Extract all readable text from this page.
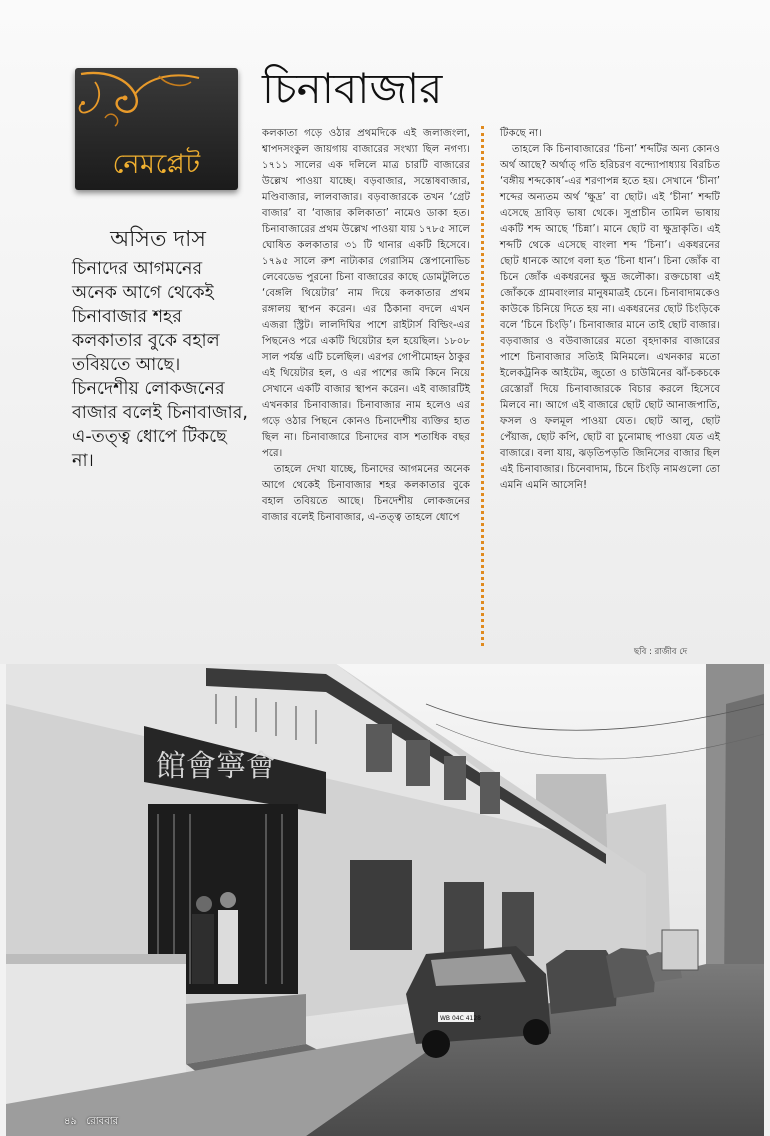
নেমপ্লেট
চিনাবাজার
অসিত দাস

চিনাদের আগমনের অনেক আগে থেকেই চিনাবাজার শহর কলকাতার বুকে বহাল তবিয়তে আছে। চিনদেশীয় লোকজনের বাজার বলেই চিনাবাজার, এ-তত্ত্ব ধোপে টিকছে না।

কলকাতা গড়ে ওঠার প্রথমদিকে এই জলাজংলা, শ্বাপদসংকুল জায়গায় বাজারের সংখ্যা ছিল নগণ্য। ১৭১১ সালের এক দলিলে মাত্র চারটি বাজারের উল্লেখ পাওয়া যাচ্ছে। বড়বাজার, সন্তোষবাজার, মণ্ডিবাজার, লালবাজার। বড়বাজারকে তখন ‘গ্রেট বাজার’ বা ‘বাজার কলিকাতা’ নামেও ডাকা হত। চিনাবাজারের প্রথম উল্লেখ পাওয়া যায় ১৭৮৫ সালে ঘোষিত কলকাতার ৩১ টি থানার একটি হিসেবে। ১৭৯৫ সালে রুশ নাট্যকার গেরাসিম স্তেপানোভিচ লেবেডেভ পুরনো চিনা বাজারের কাছে ডোমটুলিতে ‘বেঙ্গলি থিয়েটার’ নাম দিয়ে কলকাতার প্রথম রঙ্গালয় স্থাপন করেন। এর ঠিকানা বদলে এখন এজরা স্ট্রিট। লালদিঘির পাশে রাইটার্স বিল্ডিং-এর পিছনেও পরে একটি থিয়েটার হল হয়েছিল। ১৮০৮ সাল পর্যন্ত এটি চলেছিল। এরপর গোপীমোহন ঠাকুর এই থিয়েটার হল, ও এর পাশের জমি কিনে নিয়ে সেখানে একটি বাজার স্থাপন করেন। এই বাজারটিই এখনকার চিনাবাজার। চিনাবাজার নাম হলেও এর গড়ে ওঠার পিছনে কোনও চিনাদেশীয় ব্যক্তির হাত ছিল না। চিনাবাজারে চিনাদের বাস শতাধিক বছর পরে।

তাহলে দেখা যাচ্ছে, চিনাদের আগমনের অনেক আগে থেকেই চিনাবাজার শহর কলকাতার বুকে বহাল তবিয়তে আছে। চিনদেশীয় লোকজনের বাজার বলেই চিনাবাজার, এ-তত্ত্ব তাহলে ধোপে

টিকছে না।

তাহলে কি চিনাবাজারের ‘চিনা’ শব্দটির অন্য কোনও অর্থ আছে? অর্থাত্ গতি হরিচরণ বন্দ্যোপাধ্যায় বিরচিত ‘বঙ্গীয় শব্দকোষ’-এর শরণাপন্ন হতে হয়। সেখানে ‘চীনা’ শব্দের অন্যতম অর্থ ‘ক্ষুদ্র’ বা ছোট। এই ‘চীনা’ শব্দটি এসেছে দ্রাবিড় ভাষা থেকে। সুপ্রাচীন তামিল ভাষায় একটি শব্দ আছে ‘চিন্না’। মানে ছোট বা ক্ষুদ্রাকৃতি। এই শব্দটি থেকে এসেছে বাংলা শব্দ ‘চিনা’। একধরনের ছোট ধানকে আগে বলা হত ‘চিনা ধান’। চিনা জোঁক বা চিনে জোঁক একধরনের ক্ষুদ্র জলৌকা। রক্তচোষা এই জোঁককে গ্রামবাংলার মানুষমাত্রই চেনে। চিনাবাদামকেও কাউকে চিনিয়ে দিতে হয় না। একধরনের ছোট চিংড়িকে বলে ‘চিনে চিংড়ি’। চিনাবাজার মানে তাই ছোট বাজার। বড়বাজার ও বউবাজারের মতো বৃহদাকার বাজারের পাশে চিনাবাজার সত্যিই মিনিমলে। এখনকার মতো ইলেকট্রনিক আইটেম, জুতো ও চাউমিনের ঝাঁ-চকচকে রেস্তোরাঁ দিয়ে চিনাবাজারকে বিচার করলে হিসেবে মিলবে না। আগে এই বাজারে ছোট ছোট আনাজপাতি, ফসল ও ফলমূল পাওয়া যেত। ছোট আলু, ছোট পেঁয়াজ, ছোট কপি, ছোট বা চুনোমাছ পাওয়া যেত এই বাজারে। বলা যায়, ঝড়তিপড়তি জিনিসের বাজার ছিল এই চিনাবাজার। চিনেবাদাম, চিনে চিংড়ি নামগুলো তো এমনি এমনি আসেনি!

ছবি : রাজীব দে
館會寧會
WB 04C 4128
৪৯ রোববার
